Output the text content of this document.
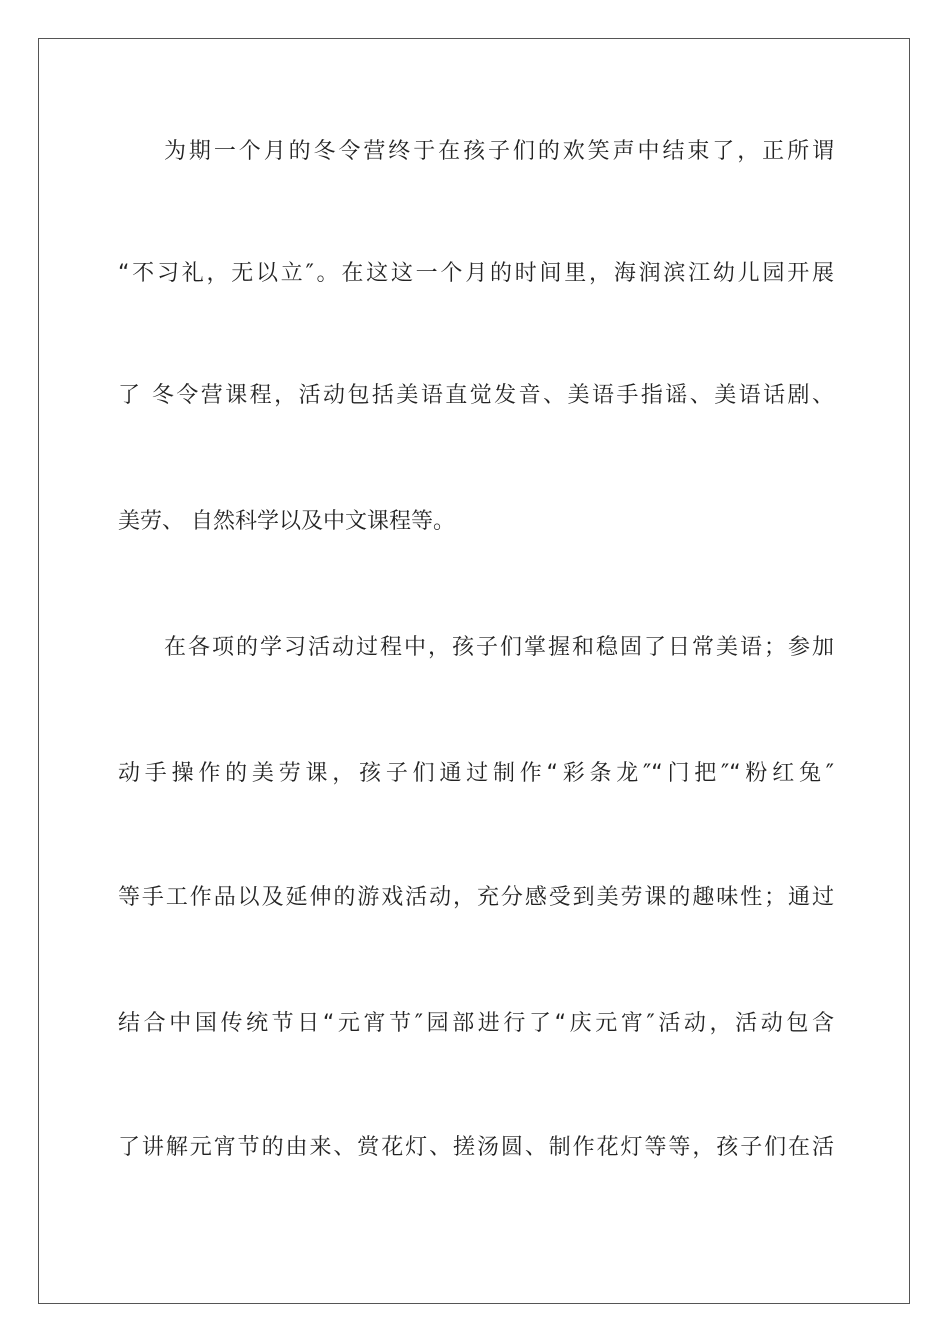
为期一个月的冬令营终于在孩子们的欢笑声中结束了，正所谓
“不习礼，无以立″。在这这一个月的时间里，海润滨江幼儿园开展
了 冬令营课程，活动包括美语直觉发音、美语手指谣、美语话剧、
美劳、 自然科学以及中文课程等。
在各项的学习活动过程中，孩子们掌握和稳固了日常美语；参加
动手操作的美劳课，孩子们通过制作“彩条龙″“门把″“粉红兔″
等手工作品以及延伸的游戏活动，充分感受到美劳课的趣味性；通过
结合中国传统节日“元宵节″园部进行了“庆元宵″活动，活动包含
了讲解元宵节的由来、赏花灯、搓汤圆、制作花灯等等，孩子们在活
